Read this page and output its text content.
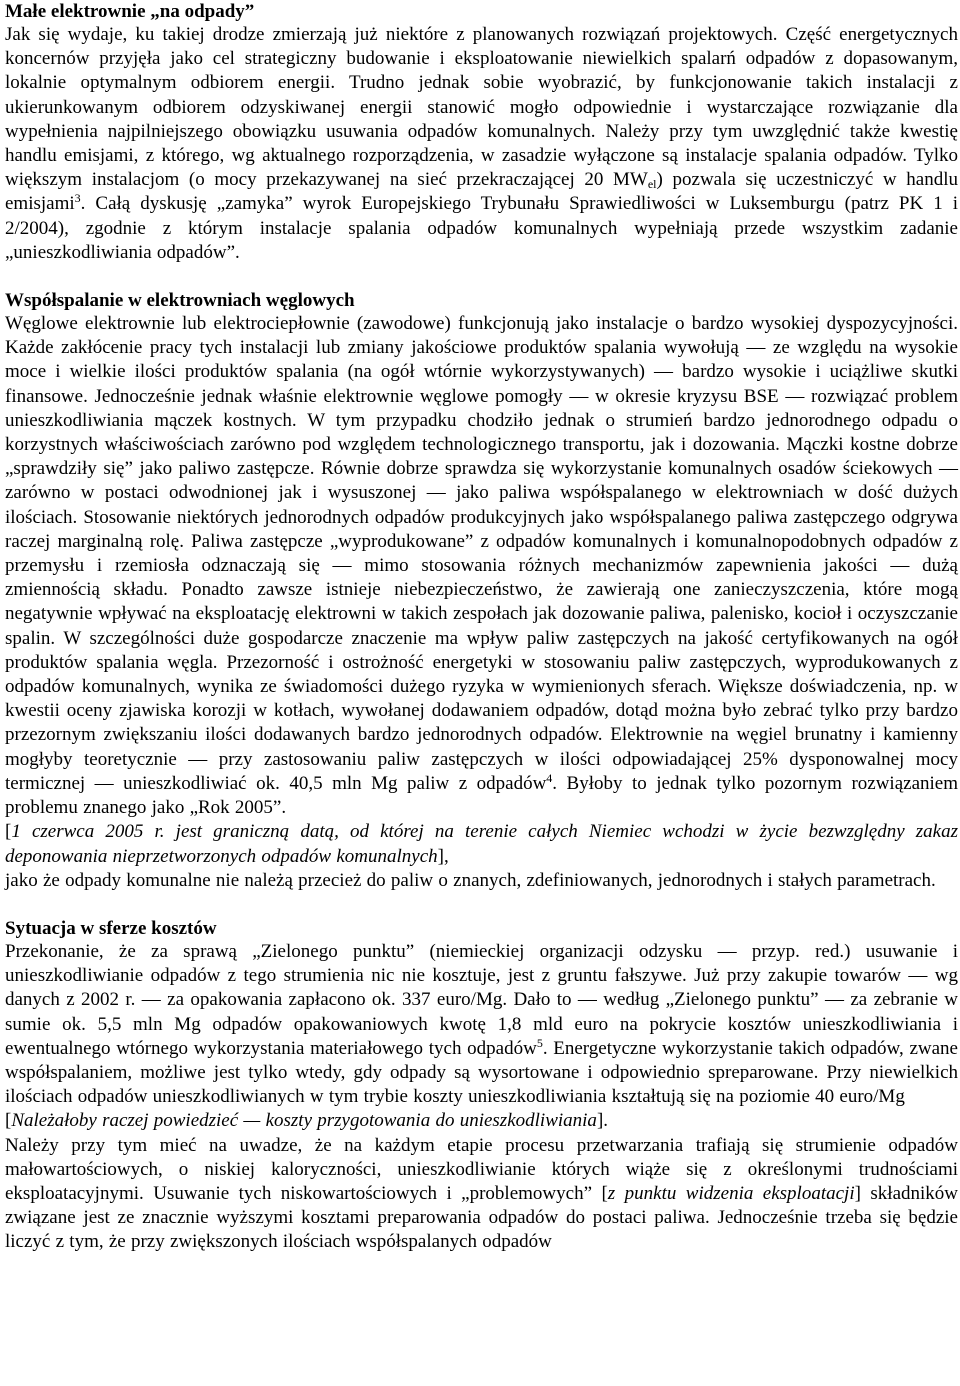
Małe elektrownie „na odpady”

Jak się wydaje, ku takiej drodze zmierzają już niektóre z planowanych rozwiązań projektowych. Część energetycznych koncernów przyjęła jako cel strategiczny budowanie i eksploatowanie niewielkich spalarń odpadów z dopasowanym, lokalnie optymalnym odbiorem energii. Trudno jednak sobie wyobrazić, by funkcjonowanie takich instalacji z ukierunkowanym odbiorem odzyskiwanej energii stanowić mogło odpowiednie i wystarczające rozwiązanie dla wypełnienia najpilniejszego obowiązku usuwania odpadów komunalnych. Należy przy tym uwzględnić także kwestię handlu emisjami, z którego, wg aktualnego rozporządzenia, w zasadzie wyłączone są instalacje spalania odpadów. Tylko większym instalacjom (o mocy przekazywanej na sieć przekraczającej 20 $MW_{el}$) pozwala się uczestniczyć w handlu emisjami$^3$. Całą dyskusję „zamyka” wyrok Europejskiego Trybunału Sprawiedliwości w Luksemburgu (patrz PK 1 i 2/2004), zgodnie z którym instalacje spalania odpadów komunalnych wypełniają przede wszystkim zadanie „unieszkodliwiania odpadów”.

Współspalanie w elektrowniach węglowych

Węglowe elektrownie lub elektrociepłownie (zawodowe) funkcjonują jako instalacje o bardzo wysokiej dyspozycyjności. Każde zakłócenie pracy tych instalacji lub zmiany jakościowe produktów spalania wywołują — ze względu na wysokie moce i wielkie ilości produktów spalania (na ogół wtórnie wykorzystywanych) — bardzo wysokie i uciążliwe skutki finansowe. Jednocześnie jednak właśnie elektrownie węglowe pomogły — w okresie kryzysu BSE — rozwiązać problem unieszkodliwiania mączek kostnych. W tym przypadku chodziło jednak o strumień bardzo jednorodnego odpadu o korzystnych właściwościach zarówno pod względem technologicznego transportu, jak i dozowania. Mączki kostne dobrze „sprawdziły się” jako paliwo zastępcze. Równie dobrze sprawdza się wykorzystanie komunalnych osadów ściekowych — zarówno w postaci odwodnionej jak i wysuszonej — jako paliwa współspalanego w elektrowniach w dość dużych ilościach. Stosowanie niektórych jednorodnych odpadów produkcyjnych jako współspalanego paliwa zastępczego odgrywa raczej marginalną rolę. Paliwa zastępcze „wyprodukowane” z odpadów komunalnych i komunalnopodobnych odpadów z przemysłu i rzemiosła odznaczają się — mimo stosowania różnych mechanizmów zapewnienia jakości — dużą zmiennością składu. Ponadto zawsze istnieje niebezpieczeństwo, że zawierają one zanieczyszczenia, które mogą negatywnie wpływać na eksploatację elektrowni w takich zespołach jak dozowanie paliwa, palenisko, kocioł i oczyszczanie spalin. W szczególności duże gospodarcze znaczenie ma wpływ paliw zastępczych na jakość certyfikowanych na ogół produktów spalania węgla. Przezorność i ostrożność energetyki w stosowaniu paliw zastępczych, wyprodukowanych z odpadów komunalnych, wynika ze świadomości dużego ryzyka w wymienionych sferach. Większe doświadczenia, np. w kwestii oceny zjawiska korozji w kotłach, wywołanej dodawaniem odpadów, dotąd można było zebrać tylko przy bardzo przezornym zwiększaniu ilości dodawanych bardzo jednorodnych odpadów. Elektrownie na węgiel brunatny i kamienny mogłyby teoretycznie — przy zastosowaniu paliw zastępczych w ilości odpowiadającej 25% dysponowalnej mocy termicznej — unieszkodliwiać ok. 40,5 mln Mg paliw z odpadów$^4$. Byłoby to jednak tylko pozornym rozwiązaniem problemu znanego jako „Rok 2005”.

[1 czerwca 2005 r. jest graniczną datą, od której na terenie całych Niemiec wchodzi w życie bezwzględny zakaz deponowania nieprzetworzonych odpadów komunalnych],

jako że odpady komunalne nie należą przecież do paliw o znanych, zdefiniowanych, jednorodnych i stałych parametrach.

Sytuacja w sferze kosztów

Przekonanie, że za sprawą „Zielonego punktu” (niemieckiej organizacji odzysku — przyp. red.) usuwanie i unieszkodliwianie odpadów z tego strumienia nic nie kosztuje, jest z gruntu fałszywe. Już przy zakupie towarów — wg danych z 2002 r. — za opakowania zapłacono ok. 337 euro/Mg. Dało to — według „Zielonego punktu” — za zebranie w sumie ok. 5,5 mln Mg odpadów opakowaniowych kwotę 1,8 mld euro na pokrycie kosztów unieszkodliwiania i ewentualnego wtórnego wykorzystania materiałowego tych odpadów$^5$. Energetyczne wykorzystanie takich odpadów, zwane współspalaniem, możliwe jest tylko wtedy, gdy odpady są wysortowane i odpowiednio spreparowane. Przy niewielkich ilościach odpadów unieszkodliwianych w tym trybie koszty unieszkodliwiania kształtują się na poziomie 40 euro/Mg

[Należałoby raczej powiedzieć — koszty przygotowania do unieszkodliwiania].

Należy przy tym mieć na uwadze, że na każdym etapie procesu przetwarzania trafiają się strumienie odpadów małowartościowych, o niskiej kaloryczności, unieszkodliwianie których wiąże się z określonymi trudnościami eksploatacyjnymi. Usuwanie tych niskowartościowych i „problemowych” [z punktu widzenia eksploatacji] składników związane jest ze znacznie wyższymi kosztami preparowania odpadów do postaci paliwa. Jednocześnie trzeba się będzie liczyć z tym, że przy zwiększonych ilościach współspalanych odpadów
